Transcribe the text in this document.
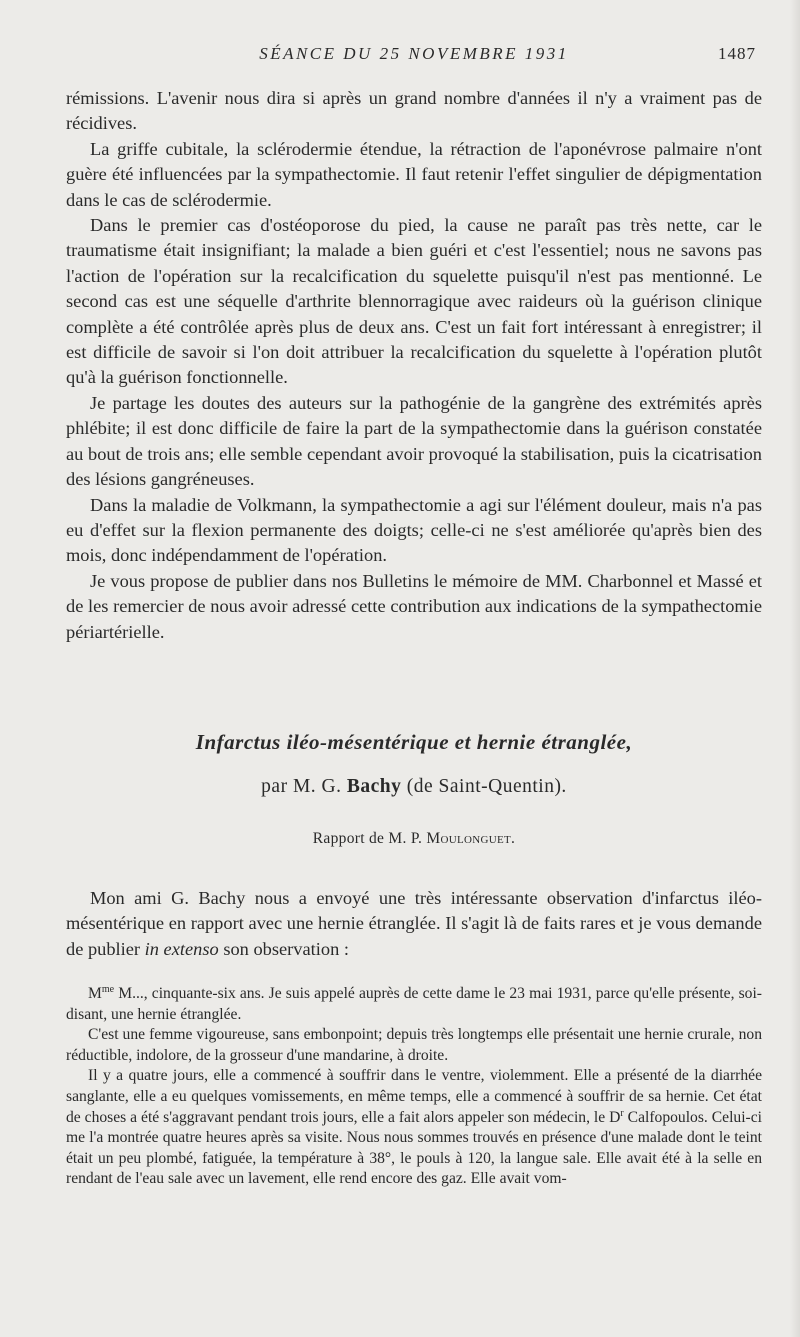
SÉANCE DU 25 NOVEMBRE 1931	1487

rémissions. L'avenir nous dira si après un grand nombre d'années il n'y a vraiment pas de récidives.

La griffe cubitale, la sclérodermie étendue, la rétraction de l'aponévrose palmaire n'ont guère été influencées par la sympathectomie. Il faut retenir l'effet singulier de dépigmentation dans le cas de sclérodermie.

Dans le premier cas d'ostéoporose du pied, la cause ne paraît pas très nette, car le traumatisme était insignifiant; la malade a bien guéri et c'est l'essentiel; nous ne savons pas l'action de l'opération sur la recalcification du squelette puisqu'il n'est pas mentionné. Le second cas est une séquelle d'arthrite blennorragique avec raideurs où la guérison clinique complète a été contrôlée après plus de deux ans. C'est un fait fort intéressant à enregistrer; il est difficile de savoir si l'on doit attribuer la recalcification du squelette à l'opération plutôt qu'à la guérison fonctionnelle.

Je partage les doutes des auteurs sur la pathogénie de la gangrène des extrémités après phlébite; il est donc difficile de faire la part de la sympathectomie dans la guérison constatée au bout de trois ans; elle semble cependant avoir provoqué la stabilisation, puis la cicatrisation des lésions gangréneuses.

Dans la maladie de Volkmann, la sympathectomie a agi sur l'élément douleur, mais n'a pas eu d'effet sur la flexion permanente des doigts; celle-ci ne s'est améliorée qu'après bien des mois, donc indépendamment de l'opération.

Je vous propose de publier dans nos Bulletins le mémoire de MM. Charbonnel et Massé et de les remercier de nous avoir adressé cette contribution aux indications de la sympathectomie périartérielle.

Infarctus iléo-mésentérique et hernie étranglée,
par M. G. Bachy (de Saint-Quentin).
Rapport de M. P. Moulonguet.

Mon ami G. Bachy nous a envoyé une très intéressante observation d'infarctus iléo-mésentérique en rapport avec une hernie étranglée. Il s'agit là de faits rares et je vous demande de publier in extenso son observation :

$M^{me}$ M..., cinquante-six ans. Je suis appelé auprès de cette dame le 23 mai 1931, parce qu'elle présente, soi-disant, une hernie étranglée.

C'est une femme vigoureuse, sans embonpoint; depuis très longtemps elle présentait une hernie crurale, non réductible, indolore, de la grosseur d'une mandarine, à droite.

Il y a quatre jours, elle a commencé à souffrir dans le ventre, violemment. Elle a présenté de la diarrhée sanglante, elle a eu quelques vomissements, en même temps, elle a commencé à souffrir de sa hernie. Cet état de choses a été s'aggravant pendant trois jours, elle a fait alors appeler son médecin, le $D^r$ Calfopoulos. Celui-ci me l'a montrée quatre heures après sa visite. Nous nous sommes trouvés en présence d'une malade dont le teint était un peu plombé, fatiguée, la température à 38°, le pouls à 120, la langue sale. Elle avait été à la selle en rendant de l'eau sale avec un lavement, elle rend encore des gaz. Elle avait vom-
